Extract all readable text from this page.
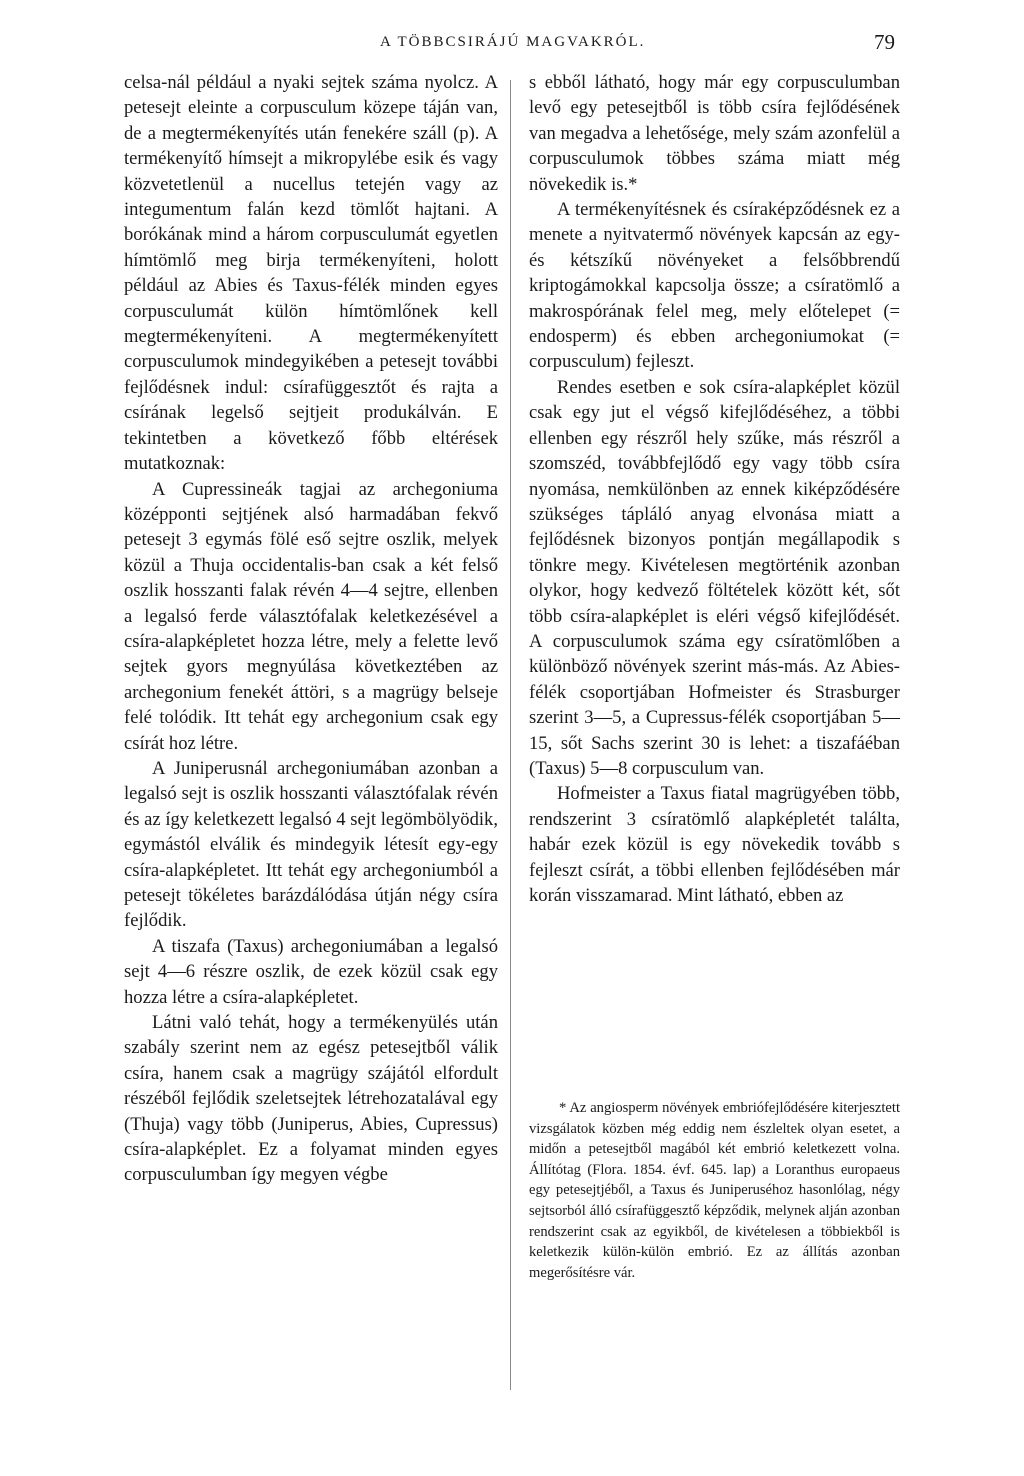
A TÖBBCSIRÁJÚ MAGVAKRÓL.	79

celsa-nál például a nyaki sejtek száma nyolcz. A petesejt eleinte a corpusculum közepe táján van, de a megtermékenyítés után fenekére száll (p). A termékenyítő hímsejt a mikropylébe esik és vagy közvetetlenül a nucellus tetején vagy az integumentum falán kezd tömlőt hajtani. A borókának mind a három corpusculumát egyetlen hímtömlő meg birja termékenyíteni, holott például az Abies és Taxus-félék minden egyes corpusculumát külön hímtömlőnek kell megtermékenyíteni. A megtermékenyített corpusculumok mindegyikében a petesejt további fejlődésnek indul: csírafüggesztőt és rajta a csírának legelső sejtjeit produkálván. E tekintetben a következő főbb eltérések mutatkoznak:

A Cupressineák tagjai az archegoniuma középponti sejtjének alsó harmadában fekvő petesejt 3 egymás fölé eső sejtre oszlik, melyek közül a Thuja occidentalis-ban csak a két felső oszlik hosszanti falak révén 4—4 sejtre, ellenben a legalsó ferde választófalak keletkezésével a csíra-alapképletet hozza létre, mely a felette levő sejtek gyors megnyúlása következtében az archegonium fenekét áttöri, s a magrügy belseje felé tolódik. Itt tehát egy archegonium csak egy csírát hoz létre.

A Juniperusnál archegoniumában azonban a legalsó sejt is oszlik hosszanti választófalak révén és az így keletkezett legalsó 4 sejt legömbölyödik, egymástól elválik és mindegyik létesít egy-egy csíra-alapképletet. Itt tehát egy archegoniumból a petesejt tökéletes barázdálódása útján négy csíra fejlődik.

A tiszafa (Taxus) archegoniumában a legalsó sejt 4—6 részre oszlik, de ezek közül csak egy hozza létre a csíra-alapképletet.

Látni való tehát, hogy a termékenyülés után szabály szerint nem az egész petesejtből válik csíra, hanem csak a magrügy szájától elfordult részéből fejlődik szeletsejtek létrehozatalával egy (Thuja) vagy több (Juniperus, Abies, Cupressus) csíra-alapképlet. Ez a folyamat minden egyes corpusculumban így megyen végbe

s ebből látható, hogy már egy corpusculumban levő egy petesejtből is több csíra fejlődésének van megadva a lehetősége, mely szám azonfelül a corpusculumok többes száma miatt még növekedik is.*

A termékenyítésnek és csíraképződésnek ez a menete a nyitvatermő növények kapcsán az egy- és kétszíkű növényeket a felsőbbrendű kriptogámokkal kapcsolja össze; a csíratömlő a makrospórának felel meg, mely előtelepet (= endosperm) és ebben archegoniumokat (= corpusculum) fejleszt.

Rendes esetben e sok csíra-alapképlet közül csak egy jut el végső kifejlődéséhez, a többi ellenben egy részről hely szűke, más részről a szomszéd, továbbfejlődő egy vagy több csíra nyomása, nemkülönben az ennek kiképződésére szükséges tápláló anyag elvonása miatt a fejlődésnek bizonyos pontján megállapodik s tönkre megy. Kivételesen megtörténik azonban olykor, hogy kedvező föltételek között két, sőt több csíra-alapképlet is eléri végső kifejlődését. A corpusculumok száma egy csíratömlőben a különböző növények szerint más-más. Az Abies-félék csoportjában Hofmeister és Strasburger szerint 3—5, a Cupressus-félék csoportjában 5—15, sőt Sachs szerint 30 is lehet: a tiszafáéban (Taxus) 5—8 corpusculum van.

Hofmeister a Taxus fiatal magrügyében több, rendszerint 3 csíratömlő alapképletét találta, habár ezek közül is egy növekedik tovább s fejleszt csírát, a többi ellenben fejlődésében már korán visszamarad. Mint látható, ebben az

* Az angiosperm növények embriófejlődésére kiterjesztett vizsgálatok közben még eddig nem észleltek olyan esetet, a midőn a petesejtből magából két embrió keletkezett volna. Állítótag (Flora. 1854. évf. 645. lap) a Loranthus europaeus egy petesejtjéből, a Taxus és Juniperuséhoz hasonlólag, négy sejtsorból álló csírafüggesztő képződik, melynek alján azonban rendszerint csak az egyikből, de kivételesen a többiekből is keletkezik külön-külön embrió. Ez az állítás azonban megerősítésre vár.
